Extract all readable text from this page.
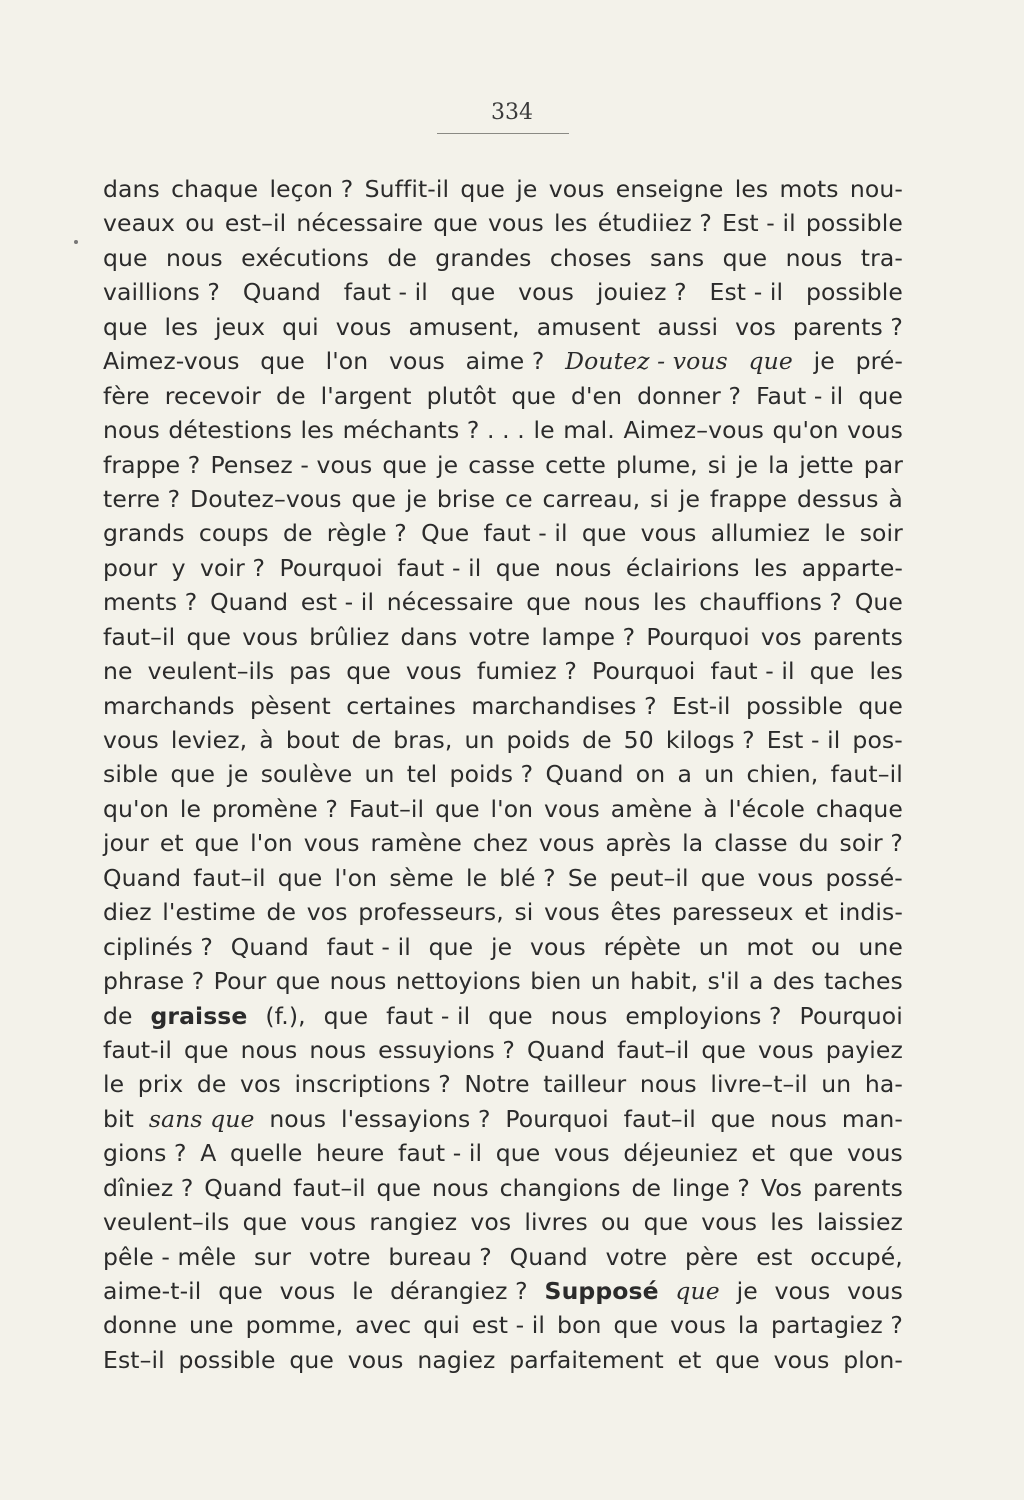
334
dans chaque leçon ? Suffit-il que je vous enseigne les mots nou-
veaux ou est–il nécessaire que vous les étudiiez ? Est - il possible
que nous exécutions de grandes choses sans que nous tra-
vaillions ? Quand faut - il que vous jouiez ? Est - il possible
que les jeux qui vous amusent, amusent aussi vos parents ?
Aimez-vous que l'on vous aime ? Doutez - vous que je pré-
fère recevoir de l'argent plutôt que d'en donner ? Faut - il que
nous détestions les méchants ? . . . le mal. Aimez–vous qu'on vous
frappe ? Pensez - vous que je casse cette plume, si je la jette par
terre ? Doutez–vous que je brise ce carreau, si je frappe dessus à
grands coups de règle ? Que faut - il que vous allumiez le soir
pour y voir ? Pourquoi faut - il que nous éclairions les apparte-
ments ? Quand est - il nécessaire que nous les chauffions ? Que
faut–il que vous brûliez dans votre lampe ? Pourquoi vos parents
ne veulent–ils pas que vous fumiez ? Pourquoi faut - il que les
marchands pèsent certaines marchandises ? Est-il possible que
vous leviez, à bout de bras, un poids de 50 kilogs ? Est - il pos-
sible que je soulève un tel poids ? Quand on a un chien, faut–il
qu'on le promène ? Faut–il que l'on vous amène à l'école chaque
jour et que l'on vous ramène chez vous après la classe du soir ?
Quand faut–il que l'on sème le blé ? Se peut–il que vous possé-
diez l'estime de vos professeurs, si vous êtes paresseux et indis-
ciplinés ? Quand faut - il que je vous répète un mot ou une
phrase ? Pour que nous nettoyions bien un habit, s'il a des taches
de graisse (f.), que faut - il que nous employions ? Pourquoi
faut-il que nous nous essuyions ? Quand faut–il que vous payiez
le prix de vos inscriptions ? Notre tailleur nous livre–t–il un ha-
bit sans que nous l'essayions ? Pourquoi faut–il que nous man-
gions ? A quelle heure faut - il que vous déjeuniez et que vous
dîniez ? Quand faut–il que nous changions de linge ? Vos parents
veulent–ils que vous rangiez vos livres ou que vous les laissiez
pêle - mêle sur votre bureau ? Quand votre père est occupé,
aime-t-il que vous le dérangiez ? Supposé que je vous vous
donne une pomme, avec qui est - il bon que vous la partagiez ?
Est–il possible que vous nagiez parfaitement et que vous plon-
